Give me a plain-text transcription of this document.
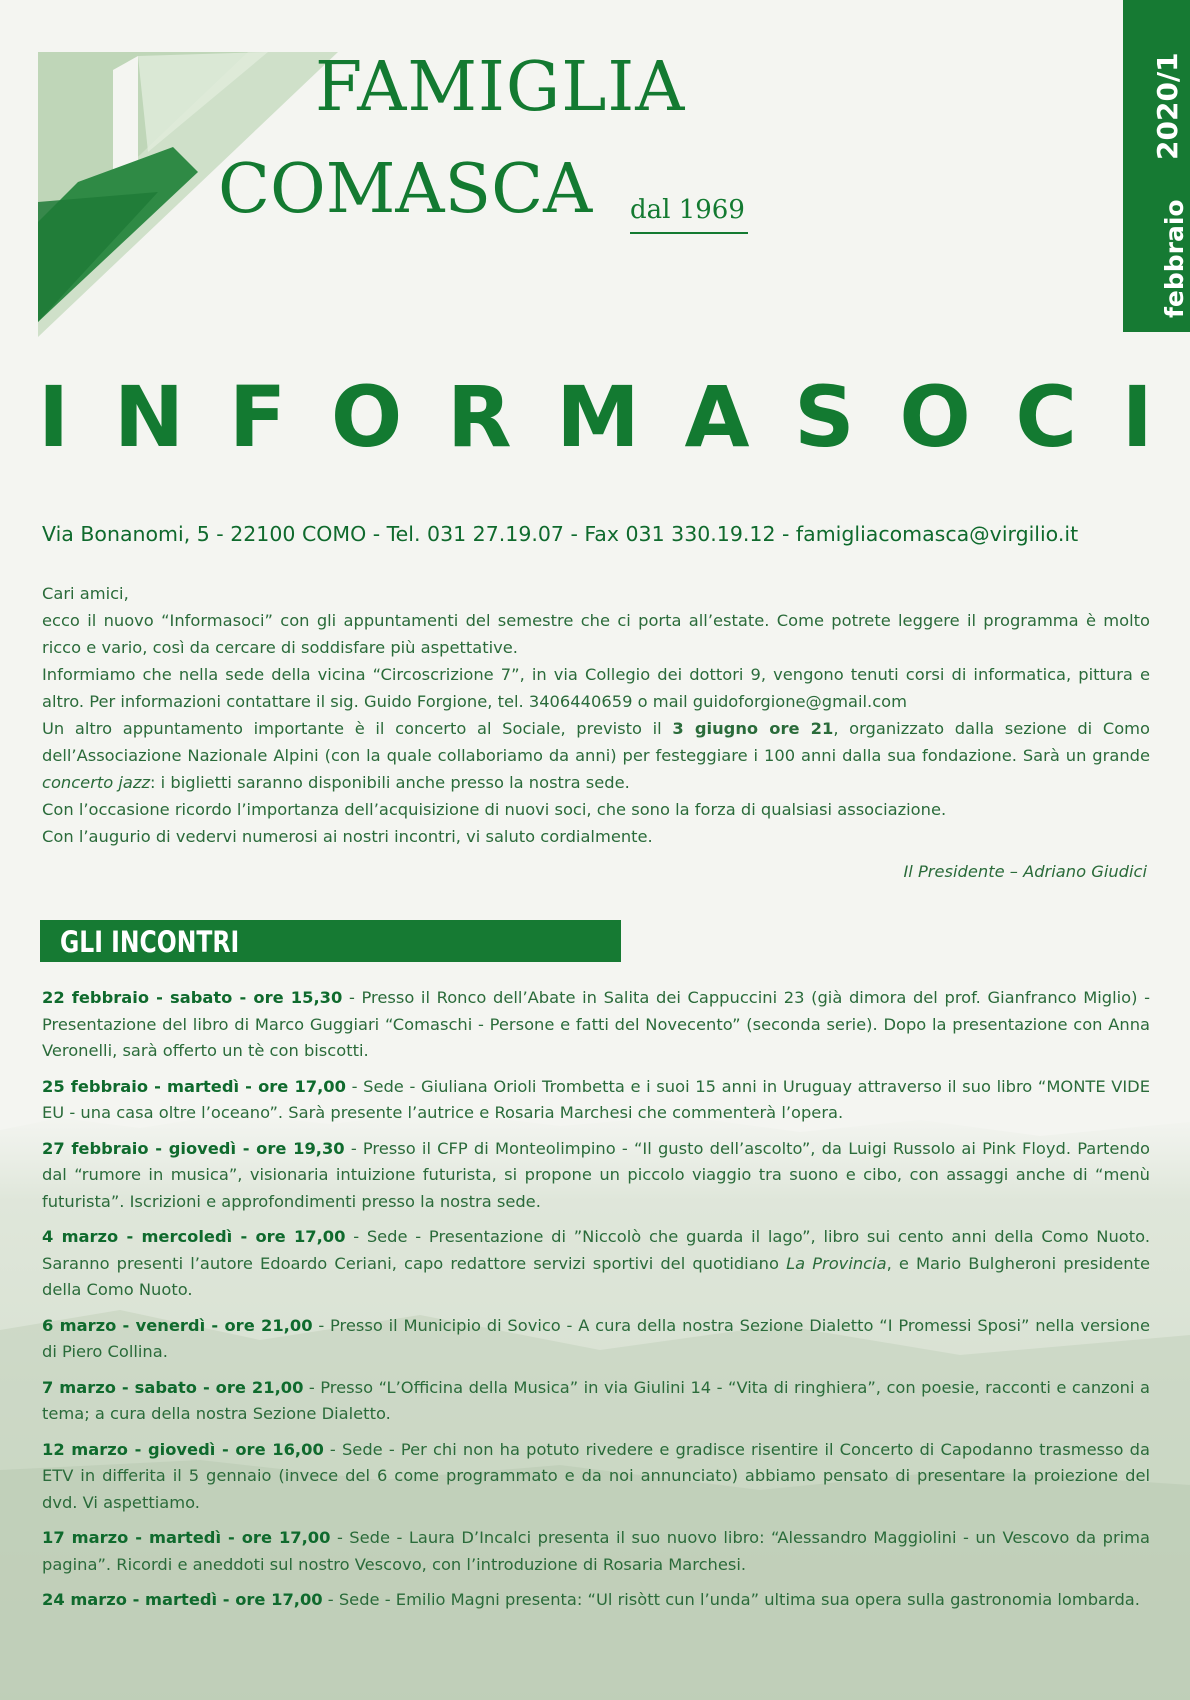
FAMIGLIA
COMASCA dal 1969
2020/1
febbraio
I N F O R M A S O C I
Via Bonanomi, 5 - 22100 COMO - Tel. 031 27.19.07 - Fax 031 330.19.12 - famigliacomasca@virgilio.it

Cari amici,

ecco il nuovo “Informasoci” con gli appuntamenti del semestre che ci porta all’estate. Come potrete leggere il programma è molto ricco e vario, così da cercare di soddisfare più aspettative.

Informiamo che nella sede della vicina “Circoscrizione 7”, in via Collegio dei dottori 9, vengono tenuti corsi di informatica, pittura e altro. Per informazioni contattare il sig. Guido Forgione, tel. 3406440659 o mail guidoforgione@gmail.com

Un altro appuntamento importante è il concerto al Sociale, previsto il 3 giugno ore 21, organizzato dalla sezione di Como dell’Associazione Nazionale Alpini (con la quale collaboriamo da anni) per festeggiare i 100 anni dalla sua fondazione. Sarà un grande concerto jazz: i biglietti saranno disponibili anche presso la nostra sede.

Con l’occasione ricordo l’importanza dell’acquisizione di nuovi soci, che sono la forza di qualsiasi associazione.

Con l’augurio di vedervi numerosi ai nostri incontri, vi saluto cordialmente.

Il Presidente – Adriano Giudici
GLI INCONTRI

22 febbraio - sabato - ore 15,30 - Presso il Ronco dell’Abate in Salita dei Cappuccini 23 (già dimora del prof. Gianfranco Miglio) - Presentazione del libro di Marco Guggiari “Comaschi - Persone e fatti del Novecento” (seconda serie). Dopo la presentazione con Anna Veronelli, sarà offerto un tè con biscotti.

25 febbraio - martedì - ore 17,00 - Sede - Giuliana Orioli Trombetta e i suoi 15 anni in Uruguay attraverso il suo libro “MONTE VIDE EU - una casa oltre l’oceano”. Sarà presente l’autrice e Rosaria Marchesi che commenterà l’opera.

27 febbraio - giovedì - ore 19,30 - Presso il CFP di Monteolimpino - “Il gusto dell’ascolto”, da Luigi Russolo ai Pink Floyd. Partendo dal “rumore in musica”, visionaria intuizione futurista, si propone un piccolo viaggio tra suono e cibo, con assaggi anche di “menù futurista”. Iscrizioni e approfondimenti presso la nostra sede.

4 marzo - mercoledì - ore 17,00 - Sede - Presentazione di ”Niccolò che guarda il lago”, libro sui cento anni della Como Nuoto. Saranno presenti l’autore Edoardo Ceriani, capo redattore servizi sportivi del quotidiano La Provincia, e Mario Bulgheroni presidente della Como Nuoto.

6 marzo - venerdì - ore 21,00 - Presso il Municipio di Sovico - A cura della nostra Sezione Dialetto “I Promessi Sposi” nella versione di Piero Collina.

7 marzo - sabato - ore 21,00 - Presso “L’Officina della Musica” in via Giulini 14 - “Vita di ringhiera”, con poesie, racconti e canzoni a tema; a cura della nostra Sezione Dialetto.

12 marzo - giovedì - ore 16,00 - Sede - Per chi non ha potuto rivedere e gradisce risentire il Concerto di Capodanno trasmesso da ETV in differita il 5 gennaio (invece del 6 come programmato e da noi annunciato) abbiamo pensato di presentare la proiezione del dvd. Vi aspettiamo.

17 marzo - martedì - ore 17,00 - Sede - Laura D’Incalci presenta il suo nuovo libro: “Alessandro Maggiolini - un Vescovo da prima pagina”. Ricordi e aneddoti sul nostro Vescovo, con l’introduzione di Rosaria Marchesi.

24 marzo - martedì - ore 17,00 - Sede - Emilio Magni presenta: “Ul risòtt cun l’unda” ultima sua opera sulla gastronomia lombarda.
